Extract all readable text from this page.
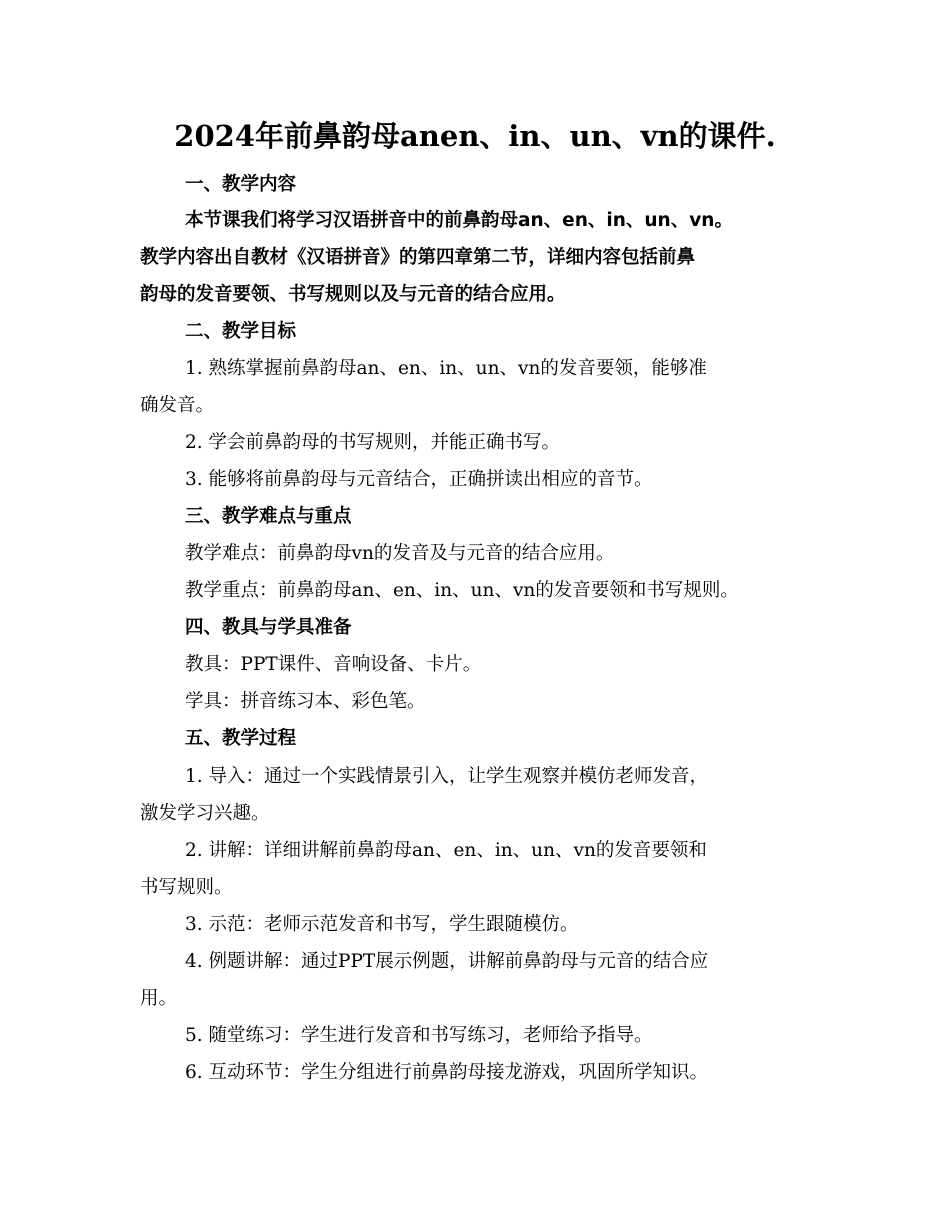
2024年前鼻韵母anen、in、un、vn的课件.

一、教学内容

本节课我们将学习汉语拼音中的前鼻韵母an、en、in、un、vn。

教学内容出自教材《汉语拼音》的第四章第二节，详细内容包括前鼻

韵母的发音要领、书写规则以及与元音的结合应用。

二、教学目标

1. 熟练掌握前鼻韵母an、en、in、un、vn的发音要领，能够准

确发音。

2. 学会前鼻韵母的书写规则，并能正确书写。

3. 能够将前鼻韵母与元音结合，正确拼读出相应的音节。

三、教学难点与重点

教学难点：前鼻韵母vn的发音及与元音的结合应用。

教学重点：前鼻韵母an、en、in、un、vn的发音要领和书写规则。

四、教具与学具准备

教具：PPT课件、音响设备、卡片。

学具：拼音练习本、彩色笔。

五、教学过程

1. 导入：通过一个实践情景引入，让学生观察并模仿老师发音，

激发学习兴趣。

2. 讲解：详细讲解前鼻韵母an、en、in、un、vn的发音要领和

书写规则。

3. 示范：老师示范发音和书写，学生跟随模仿。

4. 例题讲解：通过PPT展示例题，讲解前鼻韵母与元音的结合应

用。

5. 随堂练习：学生进行发音和书写练习，老师给予指导。

6. 互动环节：学生分组进行前鼻韵母接龙游戏，巩固所学知识。
